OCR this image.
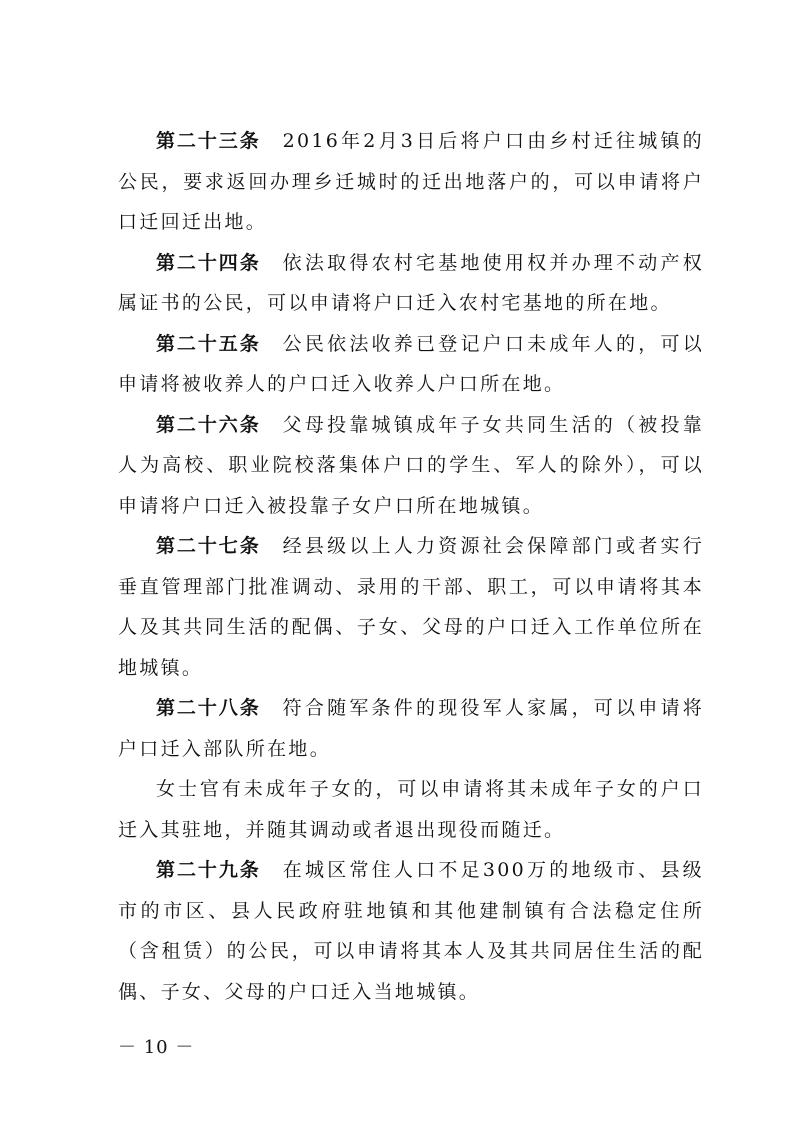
第二十三条 2016年2月3日后将户口由乡村迁往城镇的公民，要求返回办理乡迁城时的迁出地落户的，可以申请将户口迁回迁出地。

第二十四条 依法取得农村宅基地使用权并办理不动产权属证书的公民，可以申请将户口迁入农村宅基地的所在地。

第二十五条 公民依法收养已登记户口未成年人的，可以申请将被收养人的户口迁入收养人户口所在地。

第二十六条 父母投靠城镇成年子女共同生活的（被投靠人为高校、职业院校落集体户口的学生、军人的除外），可以申请将户口迁入被投靠子女户口所在地城镇。

第二十七条 经县级以上人力资源社会保障部门或者实行垂直管理部门批准调动、录用的干部、职工，可以申请将其本人及其共同生活的配偶、子女、父母的户口迁入工作单位所在地城镇。

第二十八条 符合随军条件的现役军人家属，可以申请将户口迁入部队所在地。

女士官有未成年子女的，可以申请将其未成年子女的户口迁入其驻地，并随其调动或者退出现役而随迁。

第二十九条 在城区常住人口不足300万的地级市、县级市的市区、县人民政府驻地镇和其他建制镇有合法稳定住所（含租赁）的公民，可以申请将其本人及其共同居住生活的配偶、子女、父母的户口迁入当地城镇。

－ 10 －
